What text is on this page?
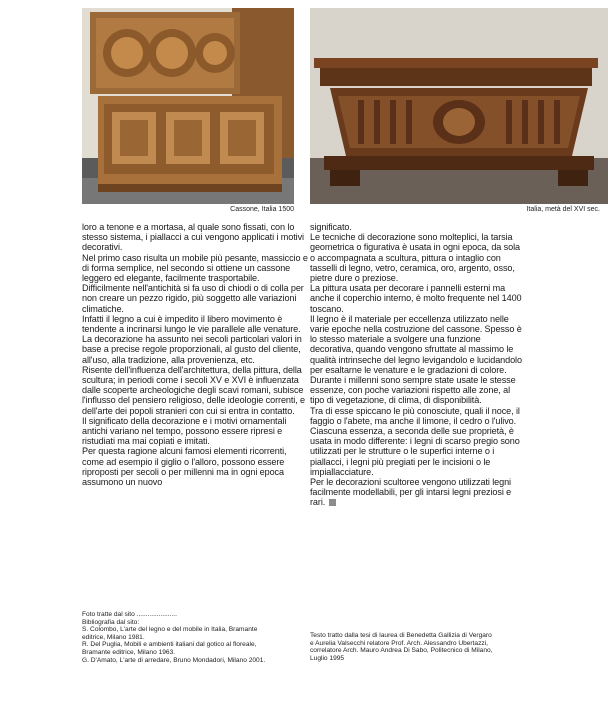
Cassone, Italia 1500	Italia, metà del XVI sec.

loro a tenone e a mortasa, al quale sono fissati, con lo stesso sistema, i piallacci a cui vengono applicati i motivi decorativi.

Nel primo caso risulta un mobile più pesante, massiccio e di forma semplice, nel secondo si ottiene un cassone leggero ed elegante, facilmente trasportabile.

Difficilmente nell'antichità si fa uso di chiodi o di colla per non creare un pezzo rigido, più soggetto alle variazioni climatiche.

Infatti il legno a cui è impedito il libero movimento è tendente a incrinarsi lungo le vie parallele alle venature.

La decorazione ha assunto nei secoli particolari valori in base a precise regole proporzionali, al gusto del cliente, all'uso, alla tradizione, alla provenienza, etc.

Risente dell'influenza dell'architettura, della pittura, della scultura; in periodi come i secoli XV e XVI è influenzata dalle scoperte archeologiche degli scavi romani, subisce l'influsso del pensiero religioso, delle ideologie correnti, e dell'arte dei popoli stranieri con cui si entra in contatto.

Il significato della decorazione e i motivi ornamentali antichi variano nel tempo, possono essere ripresi e ristudiati ma mai copiati e imitati.

Per questa ragione alcuni famosi elementi ricorrenti, come ad esempio il giglio o l'alloro, possono essere riproposti per secoli o per millenni ma in ogni epoca assumono un nuovo

significato.

Le tecniche di decorazione sono molteplici, la tarsia geometrica o figurativa è usata in ogni epoca, da sola o accompagnata a scultura, pittura o intaglio con tasselli di legno, vetro, ceramica, oro, argento, osso, pietre dure o preziose.

La pittura usata per decorare i pannelli esterni ma anche il coperchio interno, è molto frequente nel 1400 toscano.

Il legno è il materiale per eccellenza utilizzato nelle varie epoche nella costruzione del cassone. Spesso è lo stesso materiale a svolgere una funzione decorativa, quando vengono sfruttate al massimo le qualità intrinseche del legno levigandolo e lucidandolo per esaltarne le venature e le gradazioni di colore.

Durante i millenni sono sempre state usate le stesse essenze, con poche variazioni rispetto alle zone, al tipo di vegetazione, di clima, di disponibilità.

Tra di esse spiccano le più conosciute, quali il noce, il faggio o l'abete, ma anche il limone, il cedro o l'ulivo.

Ciascuna essenza, a seconda delle sue proprietà, è usata in modo differente: i legni di scarso pregio sono utilizzati per le strutture o le superfici interne o i piallacci, i legni più pregiati per le incisioni o le impiallacciature.

Per le decorazioni scultoree vengono utilizzati legni facilmente modellabili, per gli intarsi legni preziosi e rari.

Foto tratte dal sito ......................
Bibliografia dal sito:
S. Colombo, L'arte del legno e del mobile in Italia, Bramante
editrice, Milano 1981.
R. Del Puglia, Mobili e ambienti italiani dal gotico al floreale,
Bramante editrice, Milano 1963.
G. D'Amato, L'arte di arredare, Bruno Mondadori, Milano 2001.
Testo tratto dalla tesi di laurea di Benedetta Gallizia di Vergaro
e Aurelia Valsecchi relatore Prof. Arch. Alessandro Ubertazzi,
correlatore Arch. Mauro Andrea Di Sabo, Politecnico di Milano,
Luglio 1995
